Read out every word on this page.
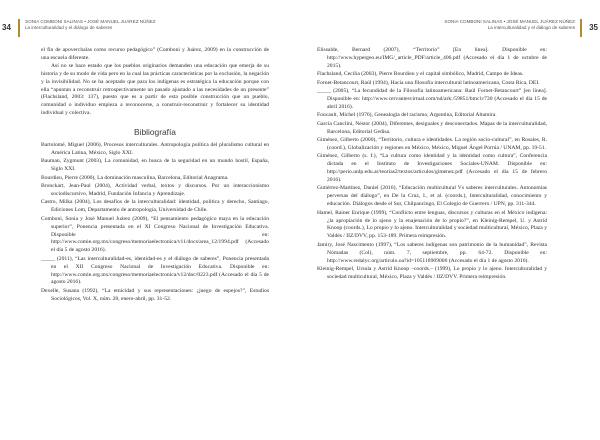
34
SONIA COMBONI SALINAS • JOSÉ MANUEL JUÁREZ NÚÑEZ
La interculturalidad y el diálogo de saberes

el fin de apoverchalas como recurso pedagógico” (Comboni y Juárez, 2009) en la construcción de una escuela diferente.

Así no se hace estado que los pueblos originarios demanden una educación que emerja de su historia y de su modo de vida pero en la cual las prácticas características por la exclusión, la negación y la invisibilidad. No se ha aceptado que para los indígenas es estratégica la educación porque con ella “apuntan a reconstruir retrospectivamente un pasado ajustado a las necesidades de un presente” (Flachsland, 2003: 137), puesto que es a partir de esta posible construcción que un pueblo, comunidad o individuo empieza a reconocerse, a construir-reconstruir y fortalecer su identidad individual y colectiva.

Bibliografía

Bartolomé, Miguel (2006), Procesos interculturales. Antropología política del pluralismo cultural en América Latina, México, Siglo XXI.

Bauman, Zygmunt (2003), La comunidad, en busca de la seguridad en un mundo hostil, España, Siglo XXI.

Bourdieu, Pierre (2000), La dominación masculina, Barcelona, Editorial Anagrama.

Bronckart, Jean-Paul (2004), Actividad verbal, textos y discursos. Por un interaccionismo sociodiscursivo, Madrid, Fundación Infancia y Aprendizaje.

Castro, Milka (2004), Los desafíos de la interculturalidad: identidad, política y derecho, Santiago, Ediciones Lom, Departamento de antropología, Universidad de Chile.

Comboni, Sonia y José Manuel Juárez (2009), “El pensamiento pedagógico maya en la educación superior”, Ponencia presentada en el XI Congreso Nacional de Investigación Educativa. Disponible en: http://www.comie.org.mx/congreso/memoriaelectronica/v11/docs/area_12/1994.pdf (Accesado el día 5 de agosto 2016).

_____ (2011), “Las interculturalidad-es, identidad-es y el diálogo de saberes”, Ponencia presentada en el XII Congreso Nacional de Investigación Educativa. Disponible en: http://www.comie.org.mx/congreso/memoriaelectronica/v12/doc/0223.pdf (Accesado el día 5 de agosto 2016).

Dexelle, Susana (1992), “La etnicidad y sus representaciones: ¿juego de espejos?”, Estudios Sociológicos, Vol. X, núm. 28, enero-abril, pp. 31-52.

35
SONIA COMBONI SALINAS • JOSÉ MANUEL JUÁREZ NÚÑEZ
La interculturalidad y el diálogo de saberes

Elissalde, Bernard (2007), “Territorio” [En línea]. Disponible en: http://www.hypergeo.eu/IMG/_article_PDF/article_406.pdf (Accesado el día 1 de octubre de 2015).

Flachsland, Cecilia (2003), Pierre Bourdieu y el capital simbólico, Madrid, Campo de Ideas.

Fornet-Betancourt, Raúl (1994), Hacia una filosofía intercultural latinoamericana, Costa Rica, DEI.

_____ (2005), “La fecundidad de la Filosofía latinoamericana: Raúl Fornet-Betancourt” [en línea]. Disponible en: http://www.cervantesvirtual.com/nd/ark:/59851/bmc1r730 (Accesado el día 15 de abril 2016).

Foucault, Michel (1976), Genealogía del racismo, Argentina, Editorial Altamira.

García Canclini, Néstor (2004), Diferentes, desiguales y desconectados. Mapas de la interculturalidad, Barcelona, Editorial Gedisa.

Giménez, Gilberto (2000), “Territorio, cultura e identidades. La región socio-cultural”, en Rosales, R. (coord.), Globalización y regiones en México, México, Miguel Ángel Porrúa / UNAM, pp. 19-51.

Giménez, Gilberto (s. f.), “La cultura como identidad y la identidad como cultura”, Conferencia dictada en el Instituto de Investigaciones Sociales-UNAM. Disponible en: http://perio.unlp.edu.ar/teorias2/textos/articulos/gimenez.pdf (Accesado el día 15 de febrero 2016).

Gutiérrez-Martínez, Daniel (2016), “Educación multicultural Vs saberes interculturales. Antonomías perversas del diálogo”, en De la Cruz, I., et al. (coords.), Interculturalidad, conocimiento y educación. Diálogos desde el Sur, Chilpancingo, El Colegio de Guerrero / UPN, pp. 311-344.

Hamel, Rainer Enrique (1999), “Conflicto entre lenguas, discursos y culturas en el México indígena: ¿la apropiación de lo ajeno y la enajenación de lo propio?”, en Kleinig-Rempel, U. y Astrid Knoop (coords.), Lo propio y lo ajeno. Interculturalidad y sociedad multicultural, México, Plaza y Valdés / IIZ/DVV, pp. 153-189. Primera reimpresión.

Jamiry, José Nascimento (1997), “Los saberes indígenas son patrimonio de la humanidad”, Revista Nómadas (Col), núm. 7, septiembre, pp. 64-72. Disponible en: http://www.redalyc.org/articulo.oa?id=105118909006 (Accesado el día 1 de agosto 2016).

Kleinig-Rempel, Ursula y Astrid Knoop –coords.– (1999), Lo propio y lo ajeno. Interculturalidad y sociedad multicultural, México, Plaza y Valdés / IIZ/DVV. Primera reimpresión.
